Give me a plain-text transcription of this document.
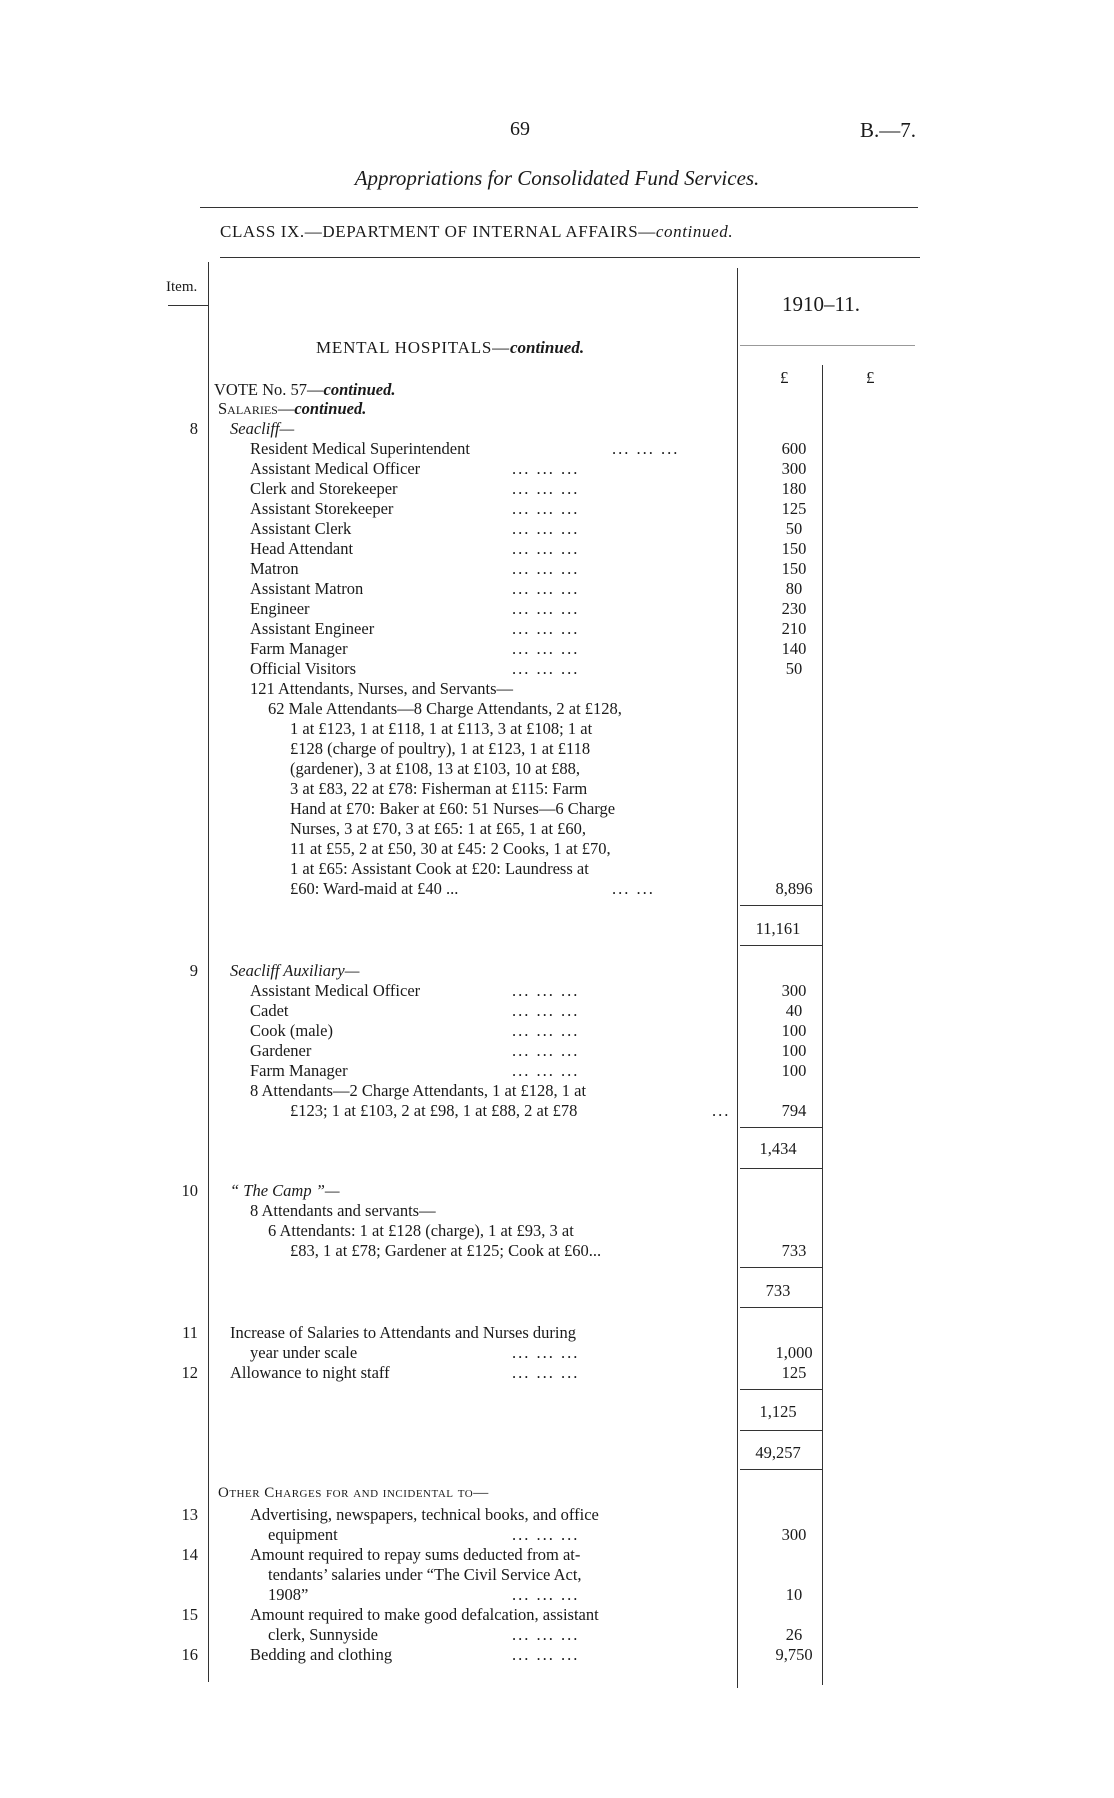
69	B.—7.
Appropriations for Consolidated Fund Services.
CLASS IX.—DEPARTMENT OF INTERNAL AFFAIRS—continued.
Item.
1910–11.
£	£
MENTAL HOSPITALS—continued.
VOTE No. 57—continued.
Salaries—continued.
8 Seacliff—
Resident Medical Superintendent	... ... ...	600
Assistant Medical Officer	... ... ...	300
Clerk and Storekeeper	... ... ...	180
Assistant Storekeeper	... ... ...	125
Assistant Clerk	... ... ...	50
Head Attendant	... ... ...	150
Matron	... ... ...	150
Assistant Matron	... ... ...	80
Engineer	... ... ...	230
Assistant Engineer	... ... ...	210
Farm Manager	... ... ...	140
Official Visitors	... ... ...	50
121 Attendants, Nurses, and Servants—
62 Male Attendants—8 Charge Attendants, 2 at £128,
1 at £123, 1 at £118, 1 at £113, 3 at £108; 1 at
£128 (charge of poultry), 1 at £123, 1 at £118
(gardener), 3 at £108, 13 at £103, 10 at £88,
3 at £83, 22 at £78: Fisherman at £115: Farm
Hand at £70: Baker at £60: 51 Nurses—6 Charge
Nurses, 3 at £70, 3 at £65: 1 at £65, 1 at £60,
11 at £55, 2 at £50, 30 at £45: 2 Cooks, 1 at £70,
1 at £65: Assistant Cook at £20: Laundress at
£60: Ward-maid at £40 ...	... ...	8,896
11,161
9 Seacliff Auxiliary—
Assistant Medical Officer	... ... ...	300
Cadet	... ... ...	40
Cook (male)	... ... ...	100
Gardener	... ... ...	100
Farm Manager	... ... ...	100
8 Attendants—2 Charge Attendants, 1 at £128, 1 at
£123; 1 at £103, 2 at £98, 1 at £88, 2 at £78	...	794
1,434
10 “ The Camp ”—
8 Attendants and servants—
6 Attendants: 1 at £128 (charge), 1 at £93, 3 at
£83, 1 at £78; Gardener at £125; Cook at £60...	733
733
11 Increase of Salaries to Attendants and Nurses during
year under scale	... ... ...	1,000
12 Allowance to night staff	... ... ...	125
1,125
49,257
Other Charges for and incidental to—
13	Advertising, newspapers, technical books, and office
equipment	... ... ...	300
14	Amount required to repay sums deducted from at-
tendants’ salaries under “The Civil Service Act,
1908”	... ... ...	10
15	Amount required to make good defalcation, assistant
clerk, Sunnyside	... ... ...	26
16	Bedding and clothing	... ... ...	9,750
